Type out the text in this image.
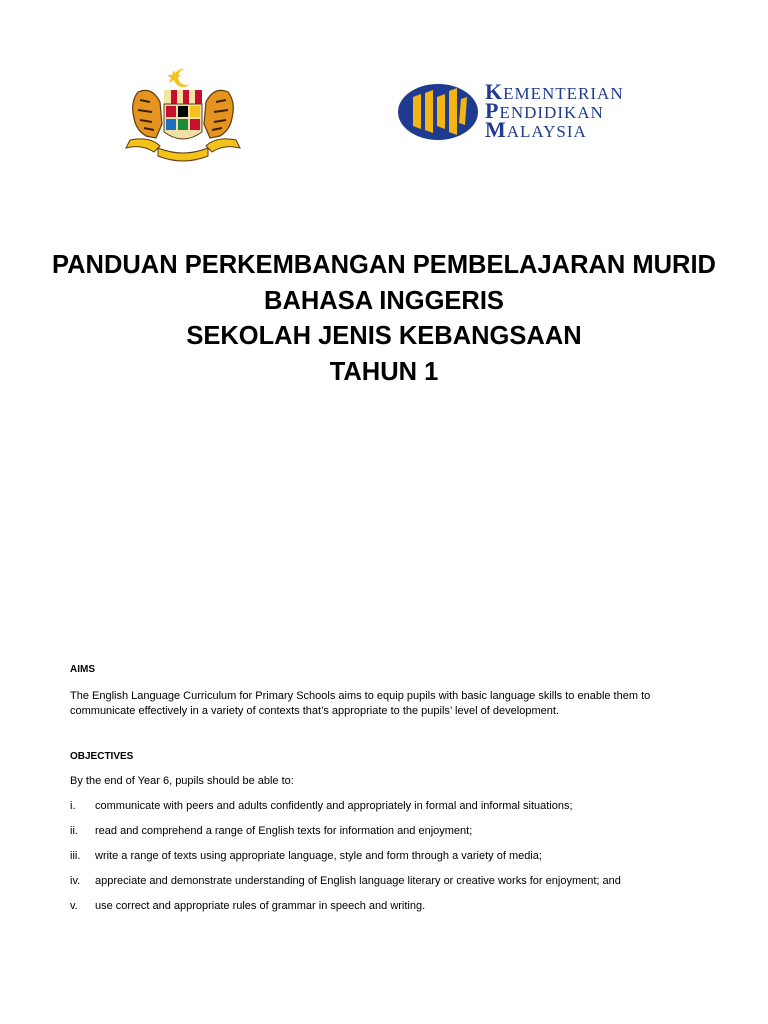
KEMENTERIAN
PENDIDIKAN
MALAYSIA
PANDUAN PERKEMBANGAN PEMBELAJARAN MURID
BAHASA INGGERIS
SEKOLAH JENIS KEBANGSAAN
TAHUN 1
AIMS
The English Language Curriculum for Primary Schools aims to equip pupils with basic language skills to enable them to communicate effectively in a variety of contexts that’s appropriate to the pupils’ level of development.
OBJECTIVES
By the end of Year 6, pupils should be able to:
i.	communicate with peers and adults confidently and appropriately in formal and informal situations;
ii.	read and comprehend a range of English texts for information and enjoyment;
iii.	write a range of texts using appropriate language, style and form through a variety of media;
iv.	appreciate and demonstrate understanding of English language literary or creative works for enjoyment; and
v.	use correct and appropriate rules of grammar in speech and writing.
